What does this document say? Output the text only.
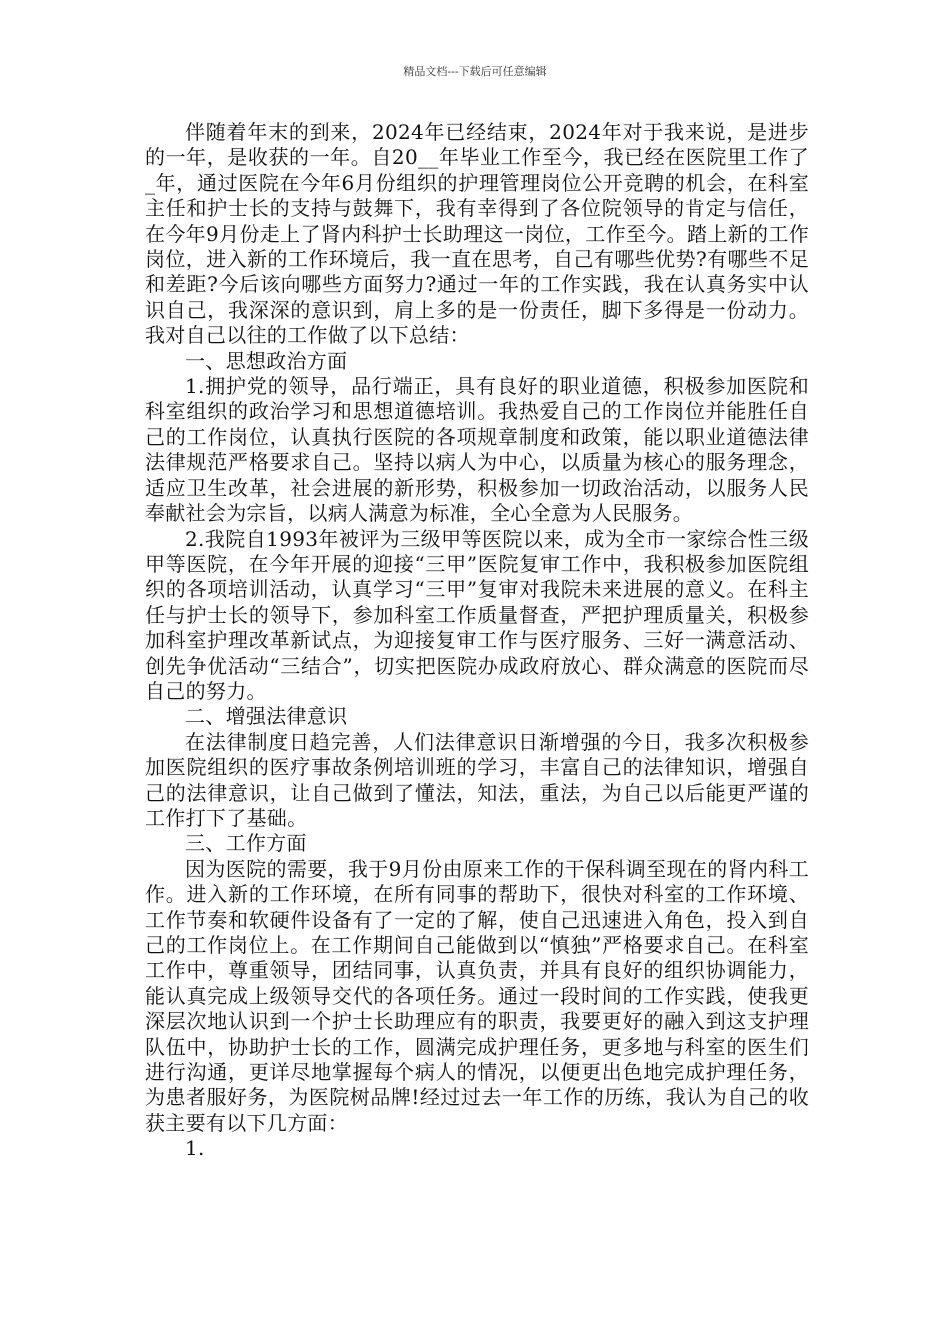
精品文档---下载后可任意编辑

伴随着年末的到来，2024年已经结束，2024年对于我来说，是进步的一年，是收获的一年。自20__年毕业工作至今，我已经在医院里工作了_年，通过医院在今年6月份组织的护理管理岗位公开竞聘的机会，在科室主任和护士长的支持与鼓舞下，我有幸得到了各位院领导的肯定与信任，在今年9月份走上了肾内科护士长助理这一岗位，工作至今。踏上新的工作岗位，进入新的工作环境后，我一直在思考，自己有哪些优势?有哪些不足和差距?今后该向哪些方面努力?通过一年的工作实践，我在认真务实中认识自己，我深深的意识到，肩上多的是一份责任，脚下多得是一份动力。我对自己以往的工作做了以下总结：

一、思想政治方面

1.拥护党的领导，品行端正，具有良好的职业道德，积极参加医院和科室组织的政治学习和思想道德培训。我热爱自己的工作岗位并能胜任自己的工作岗位，认真执行医院的各项规章制度和政策，能以职业道德法律法律规范严格要求自己。坚持以病人为中心，以质量为核心的服务理念，适应卫生改革，社会进展的新形势，积极参加一切政治活动，以服务人民奉献社会为宗旨，以病人满意为标准，全心全意为人民服务。

2.我院自1993年被评为三级甲等医院以来，成为全市一家综合性三级甲等医院，在今年开展的迎接“三甲”医院复审工作中，我积极参加医院组织的各项培训活动，认真学习“三甲”复审对我院未来进展的意义。在科主任与护士长的领导下，参加科室工作质量督查，严把护理质量关，积极参加科室护理改革新试点，为迎接复审工作与医疗服务、三好一满意活动、创先争优活动“三结合”，切实把医院办成政府放心、群众满意的医院而尽自己的努力。

二、增强法律意识

在法律制度日趋完善，人们法律意识日渐增强的今日，我多次积极参加医院组织的医疗事故条例培训班的学习，丰富自己的法律知识，增强自己的法律意识，让自己做到了懂法，知法，重法，为自己以后能更严谨的工作打下了基础。

三、工作方面

因为医院的需要，我于9月份由原来工作的干保科调至现在的肾内科工作。进入新的工作环境，在所有同事的帮助下，很快对科室的工作环境、工作节奏和软硬件设备有了一定的了解，使自己迅速进入角色，投入到自己的工作岗位上。在工作期间自己能做到以“慎独”严格要求自己。在科室工作中，尊重领导，团结同事，认真负责，并具有良好的组织协调能力，能认真完成上级领导交代的各项任务。通过一段时间的工作实践，使我更深层次地认识到一个护士长助理应有的职责，我要更好的融入到这支护理队伍中，协助护士长的工作，圆满完成护理任务，更多地与科室的医生们进行沟通，更详尽地掌握每个病人的情况，以便更出色地完成护理任务，为患者服好务，为医院树品牌!经过过去一年工作的历练，我认为自己的收获主要有以下几方面：

1.
